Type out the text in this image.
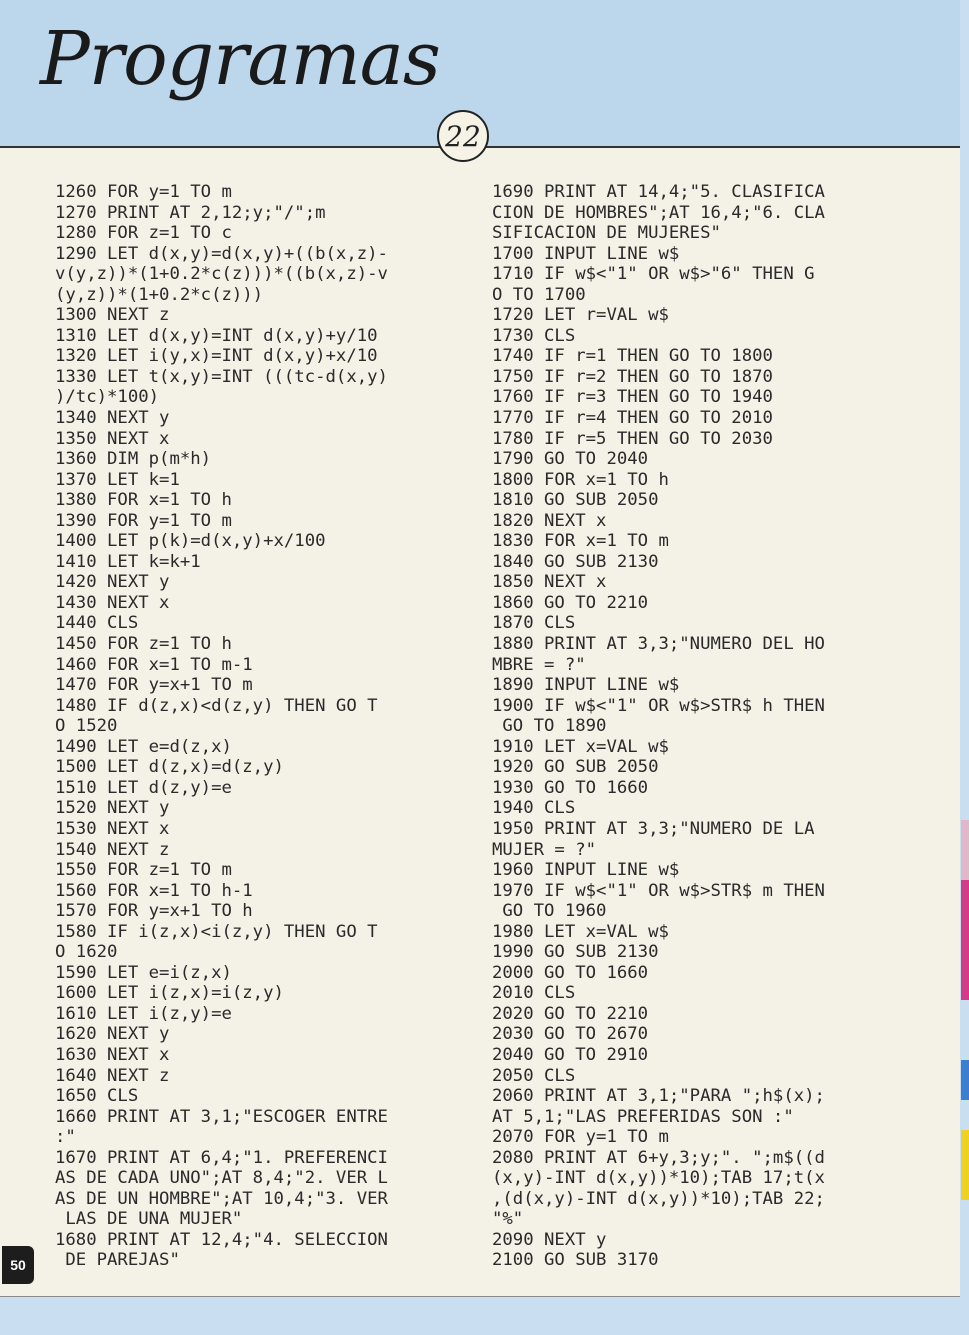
Programas
22
1260 FOR y=1 TO m
1270 PRINT AT 2,12;y;"/";m
1280 FOR z=1 TO c
1290 LET d(x,y)=d(x,y)+((b(x,z)-
v(y,z))*(1+0.2*c(z)))*((b(x,z)-v
(y,z))*(1+0.2*c(z)))
1300 NEXT z
1310 LET d(x,y)=INT d(x,y)+y/10
1320 LET i(y,x)=INT d(x,y)+x/10
1330 LET t(x,y)=INT (((tc-d(x,y)
)/tc)*100)
1340 NEXT y
1350 NEXT x
1360 DIM p(m*h)
1370 LET k=1
1380 FOR x=1 TO h
1390 FOR y=1 TO m
1400 LET p(k)=d(x,y)+x/100
1410 LET k=k+1
1420 NEXT y
1430 NEXT x
1440 CLS
1450 FOR z=1 TO h
1460 FOR x=1 TO m-1
1470 FOR y=x+1 TO m
1480 IF d(z,x)<d(z,y) THEN GO T
O 1520
1490 LET e=d(z,x)
1500 LET d(z,x)=d(z,y)
1510 LET d(z,y)=e
1520 NEXT y
1530 NEXT x
1540 NEXT z
1550 FOR z=1 TO m
1560 FOR x=1 TO h-1
1570 FOR y=x+1 TO h
1580 IF i(z,x)<i(z,y) THEN GO T
O 1620
1590 LET e=i(z,x)
1600 LET i(z,x)=i(z,y)
1610 LET i(z,y)=e
1620 NEXT y
1630 NEXT x
1640 NEXT z
1650 CLS
1660 PRINT AT 3,1;"ESCOGER ENTRE
:"
1670 PRINT AT 6,4;"1. PREFERENCI
AS DE CADA UNO";AT 8,4;"2. VER L
AS DE UN HOMBRE";AT 10,4;"3. VER
LAS DE UNA MUJER"
1680 PRINT AT 12,4;"4. SELECCION
DE PAREJAS"
1690 PRINT AT 14,4;"5. CLASIFICA
CION DE HOMBRES";AT 16,4;"6. CLA
SIFICACION DE MUJERES"
1700 INPUT LINE w$
1710 IF w$<"1" OR w$>"6" THEN G
O TO 1700
1720 LET r=VAL w$
1730 CLS
1740 IF r=1 THEN GO TO 1800
1750 IF r=2 THEN GO TO 1870
1760 IF r=3 THEN GO TO 1940
1770 IF r=4 THEN GO TO 2010
1780 IF r=5 THEN GO TO 2030
1790 GO TO 2040
1800 FOR x=1 TO h
1810 GO SUB 2050
1820 NEXT x
1830 FOR x=1 TO m
1840 GO SUB 2130
1850 NEXT x
1860 GO TO 2210
1870 CLS
1880 PRINT AT 3,3;"NUMERO DEL HO
MBRE = ?"
1890 INPUT LINE w$
1900 IF w$<"1" OR w$>STR$ h THEN
GO TO 1890
1910 LET x=VAL w$
1920 GO SUB 2050
1930 GO TO 1660
1940 CLS
1950 PRINT AT 3,3;"NUMERO DE LA
MUJER = ?"
1960 INPUT LINE w$
1970 IF w$<"1" OR w$>STR$ m THEN
GO TO 1960
1980 LET x=VAL w$
1990 GO SUB 2130
2000 GO TO 1660
2010 CLS
2020 GO TO 2210
2030 GO TO 2670
2040 GO TO 2910
2050 CLS
2060 PRINT AT 3,1;"PARA ";h$(x);
AT 5,1;"LAS PREFERIDAS SON :"
2070 FOR y=1 TO m
2080 PRINT AT 6+y,3;y;". ";m$((d
(x,y)-INT d(x,y))*10);TAB 17;t(x
,(d(x,y)-INT d(x,y))*10);TAB 22;
"%"
2090 NEXT y
2100 GO SUB 3170
50
